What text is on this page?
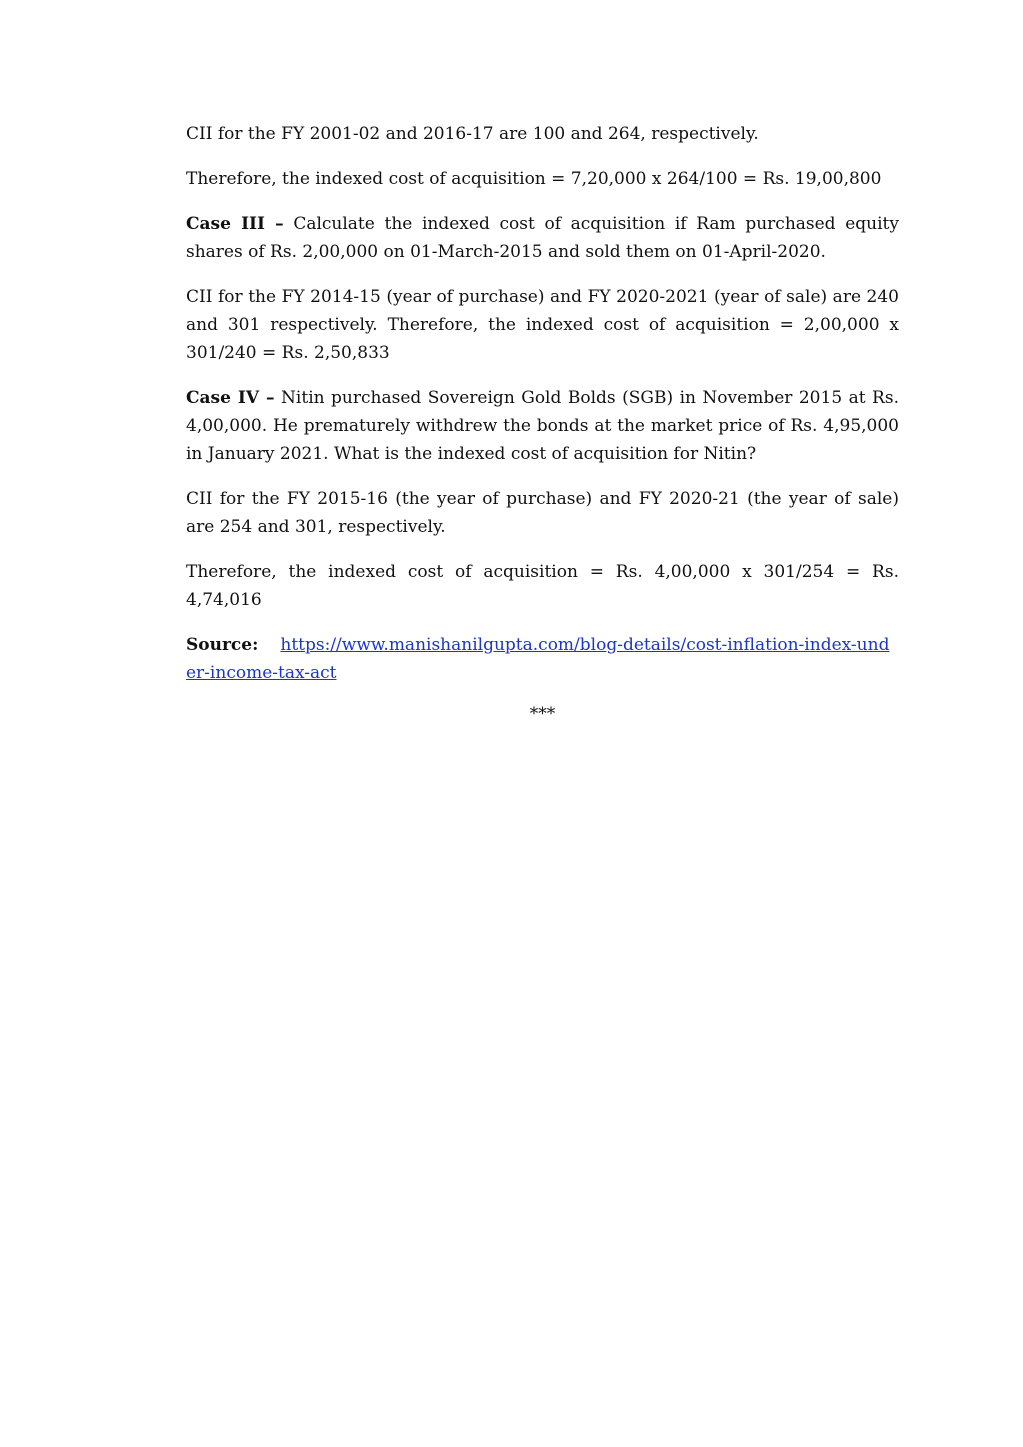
CII for the FY 2001-02 and 2016-17 are 100 and 264, respectively.

Therefore, the indexed cost of acquisition = 7,20,000 x 264/100 = Rs. 19,00,800

Case III – Calculate the indexed cost of acquisition if Ram purchased equity shares of Rs. 2,00,000 on 01-March-2015 and sold them on 01-April-2020.

CII for the FY 2014-15 (year of purchase) and FY 2020-2021 (year of sale) are 240 and 301 respectively. Therefore, the indexed cost of acquisition = 2,00,000 x 301/240 = Rs. 2,50,833

Case IV – Nitin purchased Sovereign Gold Bolds (SGB) in November 2015 at Rs. 4,00,000. He prematurely withdrew the bonds at the market price of Rs. 4,95,000 in January 2021. What is the indexed cost of acquisition for Nitin?

CII for the FY 2015-16 (the year of purchase) and FY 2020-21 (the year of sale) are 254 and 301, respectively.

Therefore, the indexed cost of acquisition = Rs. 4,00,000 x 301/254 = Rs. 4,74,016

Source: https://www.manishanilgupta.com/blog-details/cost-inflation-index-under-income-tax-act

***
